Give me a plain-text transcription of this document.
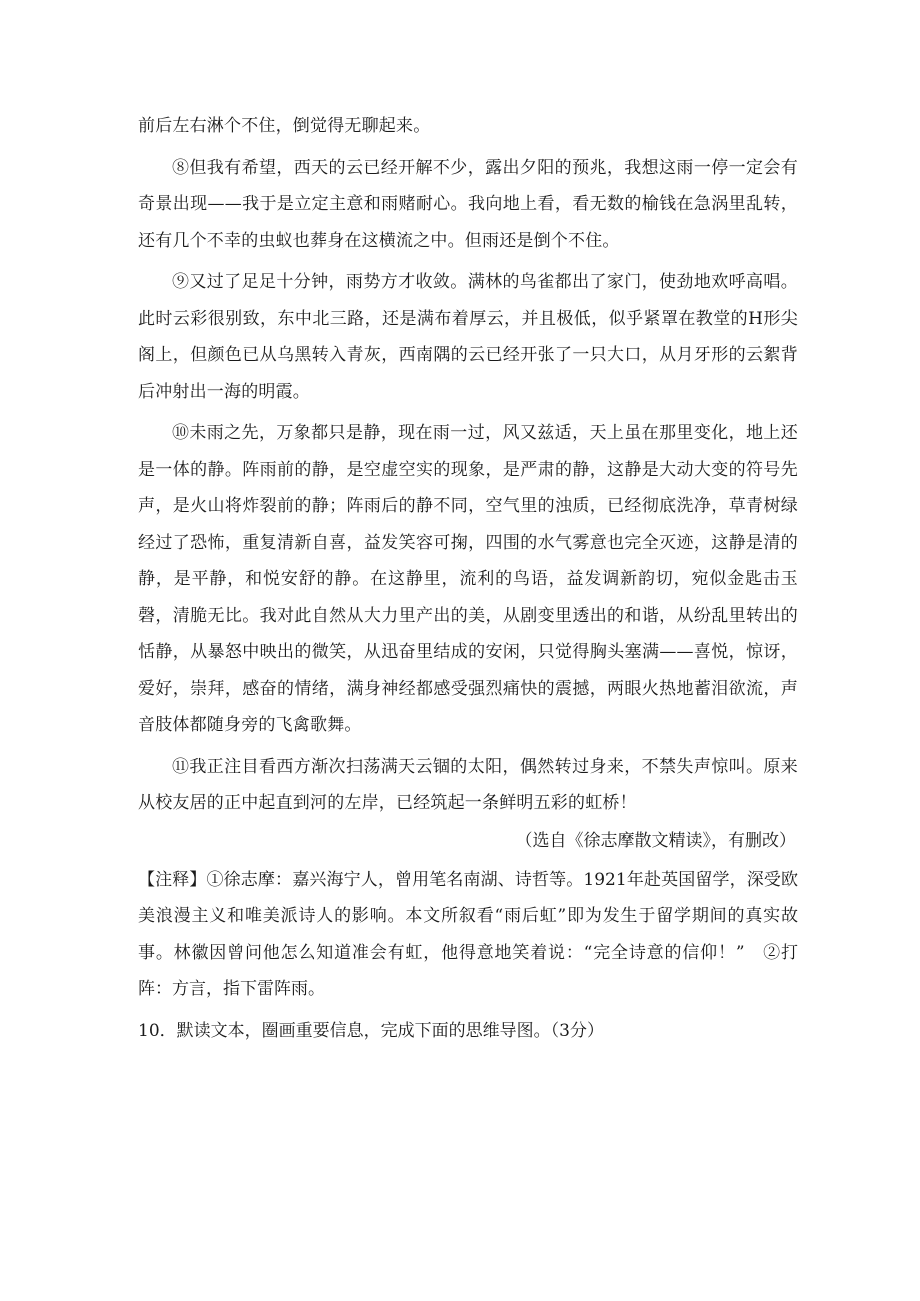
前后左右淋个不住，倒觉得无聊起来。

⑧但我有希望，西天的云已经开解不少，露出夕阳的预兆，我想这雨一停一定会有奇景出现——我于是立定主意和雨赌耐心。我向地上看，看无数的榆钱在急涡里乱转，还有几个不幸的虫蚁也葬身在这横流之中。但雨还是倒个不住。

⑨又过了足足十分钟，雨势方才收敛。满林的鸟雀都出了家门，使劲地欢呼高唱。此时云彩很别致，东中北三路，还是满布着厚云，并且极低，似乎紧罩在教堂的H形尖阁上，但颜色已从乌黑转入青灰，西南隅的云已经开张了一只大口，从月牙形的云絮背后冲射出一海的明霞。

⑩未雨之先，万象都只是静，现在雨一过，风又兹适，天上虽在那里变化，地上还是一体的静。阵雨前的静，是空虚空实的现象，是严肃的静，这静是大动大变的符号先声，是火山将炸裂前的静；阵雨后的静不同，空气里的浊质，已经彻底洗净，草青树绿经过了恐怖，重复清新自喜，益发笑容可掬，四围的水气雾意也完全灭迹，这静是清的静，是平静，和悦安舒的静。在这静里，流利的鸟语，益发调新韵切，宛似金匙击玉磬，清脆无比。我对此自然从大力里产出的美，从剧变里透出的和谐，从纷乱里转出的恬静，从暴怒中映出的微笑，从迅奋里结成的安闲，只觉得胸头塞满——喜悦，惊讶，爱好，崇拜，感奋的情绪，满身神经都感受强烈痛快的震撼，两眼火热地蓄泪欲流，声音肢体都随身旁的飞禽歌舞。

⑪我正注目看西方渐次扫荡满天云锢的太阳，偶然转过身来，不禁失声惊叫。原来从校友居的正中起直到河的左岸，已经筑起一条鲜明五彩的虹桥！

（选自《徐志摩散文精读》，有删改）

【注释】①徐志摩：嘉兴海宁人，曾用笔名南湖、诗哲等。1921年赴英国留学，深受欧美浪漫主义和唯美派诗人的影响。本文所叙看“雨后虹”即为发生于留学期间的真实故事。林徽因曾问他怎么知道准会有虹，他得意地笑着说：“完全诗意的信仰！”　②打阵：方言，指下雷阵雨。

10．默读文本，圈画重要信息，完成下面的思维导图。（3分）
